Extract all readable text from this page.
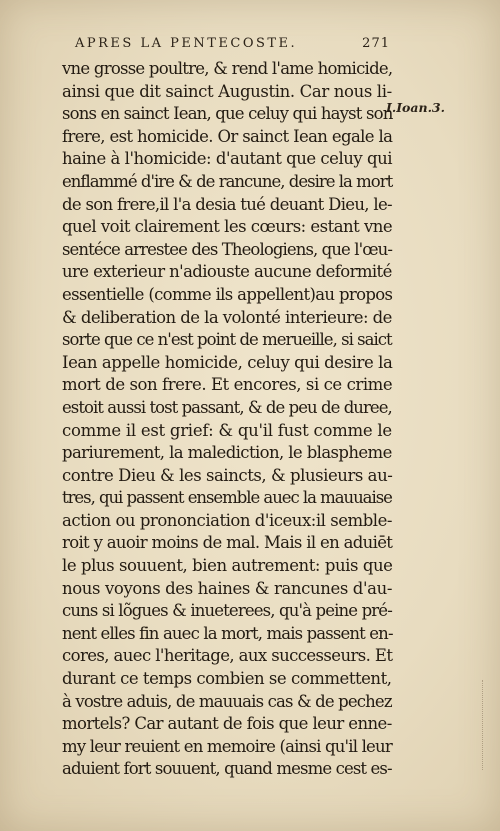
APRES LA PENTECOSTE.	271
I.Ioan.3.
vne grosse poultre, & rend l'ame homicide,
ainsi que dit sainct Augustin. Car nous li-
sons en sainct Iean, que celuy qui hayst son
frere, est homicide. Or sainct Iean egale la
haine à l'homicide: d'autant que celuy qui
enflammé d'ire & de rancune, desire la mort
de son frere,il l'a desia tué deuant Dieu, le-
quel voit clairement les cœurs: estant vne
sentéce arrestee des Theologiens, que l'œu-
ure exterieur n'adiouste aucune deformité
essentielle (comme ils appellent)au propos
& deliberation de la volonté interieure: de
sorte que ce n'est point de merueille, si saict
Iean appelle homicide, celuy qui desire la
mort de son frere. Et encores, si ce crime
estoit aussi tost passant, & de peu de duree,
comme il est grief: & qu'il fust comme le
pariurement, la malediction, le blaspheme
contre Dieu & les saincts, & plusieurs au-
tres, qui passent ensemble auec la mauuaise
action ou prononciation d'iceux:il semble-
roit y auoir moins de mal. Mais il en aduiēt
le plus souuent, bien autrement: puis que
nous voyons des haines & rancunes d'au-
cuns si lõgues & inueterees, qu'à peine pré-
nent elles fin auec la mort, mais passent en-
cores, auec l'heritage, aux successeurs. Et
durant ce temps combien se commettent,
à vostre aduis, de mauuais cas & de pechez
mortels? Car autant de fois que leur enne-
my leur reuient en memoire (ainsi qu'il leur
aduient fort souuent, quand mesme cest es-
